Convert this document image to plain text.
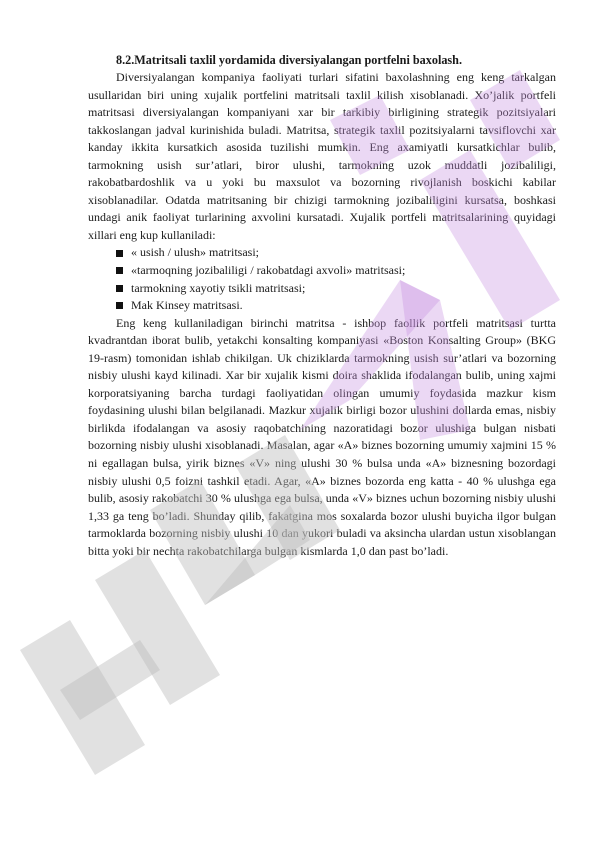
8.2.Matritsali taxlil yordamida diversiyalangan portfelni baxolash.

Diversiyalangan kompaniya faoliyati turlari sifatini baxolashning eng keng tarkalgan usullaridan biri uning xujalik portfelini matritsali taxlil kilish xisoblanadi. Xo’jalik portfeli matritsasi diversiyalangan kompaniyani xar bir tarkibiy birligining strategik pozitsiyalari takkoslangan jadval kurinishida buladi. Matritsa, strategik taxlil pozitsiyalarni tavsiflovchi xar kanday ikkita kursatkich asosida tuzilishi mumkin. Eng axamiyatli kursatkichlar bulib, tarmokning usish sur’atlari, biror ulushi, tarmokning uzok muddatli jozibaliligi, rakobatbardoshlik va u yoki bu maxsulot va bozorning rivojlanish boskichi kabilar xisoblanadilar. Odatda matritsaning bir chizigi tarmokning jozibaliligini kursatsa, boshkasi undagi anik faoliyat turlarining axvolini kursatadi. Xujalik portfeli matritsalarining quyidagi xillari eng kup kullaniladi:

« usish / ulush» matritsasi;
«tarmoqning jozibaliligi / rakobatdagi axvoli» matritsasi;
tarmokning xayotiy tsikli matritsasi;
Mak Kinsey matritsasi.

Eng keng kullaniladigan birinchi matritsa - ishbop faollik portfeli matritsasi turtta kvadrantdan iborat bulib, yetakchi konsalting kompaniyasi «Boston Konsalting Group» (BKG 19-rasm) tomonidan ishlab chikilgan. Uk chiziklarda tarmokning usish sur’atlari va bozorning nisbiy ulushi kayd kilinadi. Xar bir xujalik kismi doira shaklida ifodalangan bulib, uning xajmi korporatsiyaning barcha turdagi faoliyatidan olingan umumiy foydasida mazkur kism foydasining ulushi bilan belgilanadi. Mazkur xujalik birligi bozor ulushini dollarda emas, nisbiy birlikda ifodalangan va asosiy raqobatchining nazoratidagi bozor ulushiga bulgan nisbati bozorning nisbiy ulushi xisoblanadi. Masalan, agar «A» biznes bozorning umumiy xajmini 15 % ni egallagan bulsa, yirik biznes «V» ning ulushi 30 % bulsa unda «A» biznesning bozordagi nisbiy ulushi 0,5 foizni tashkil etadi. Agar, «A» biznes bozorda eng katta - 40 % ulushga ega bulib, asosiy rakobatchi 30 % ulushga ega bulsa, unda «V» biznes uchun bozorning nisbiy ulushi 1,33 ga teng bo’ladi. Shunday qilib, fakatgina mos soxalarda bozor ulushi buyicha ilgor bulgan tarmoklarda bozorning nisbiy ulushi 10 dan yukori buladi va aksincha ulardan ustun xisoblangan bitta yoki bir nechta rakobatchilarga bulgan kismlarda 1,0 dan past bo’ladi.
